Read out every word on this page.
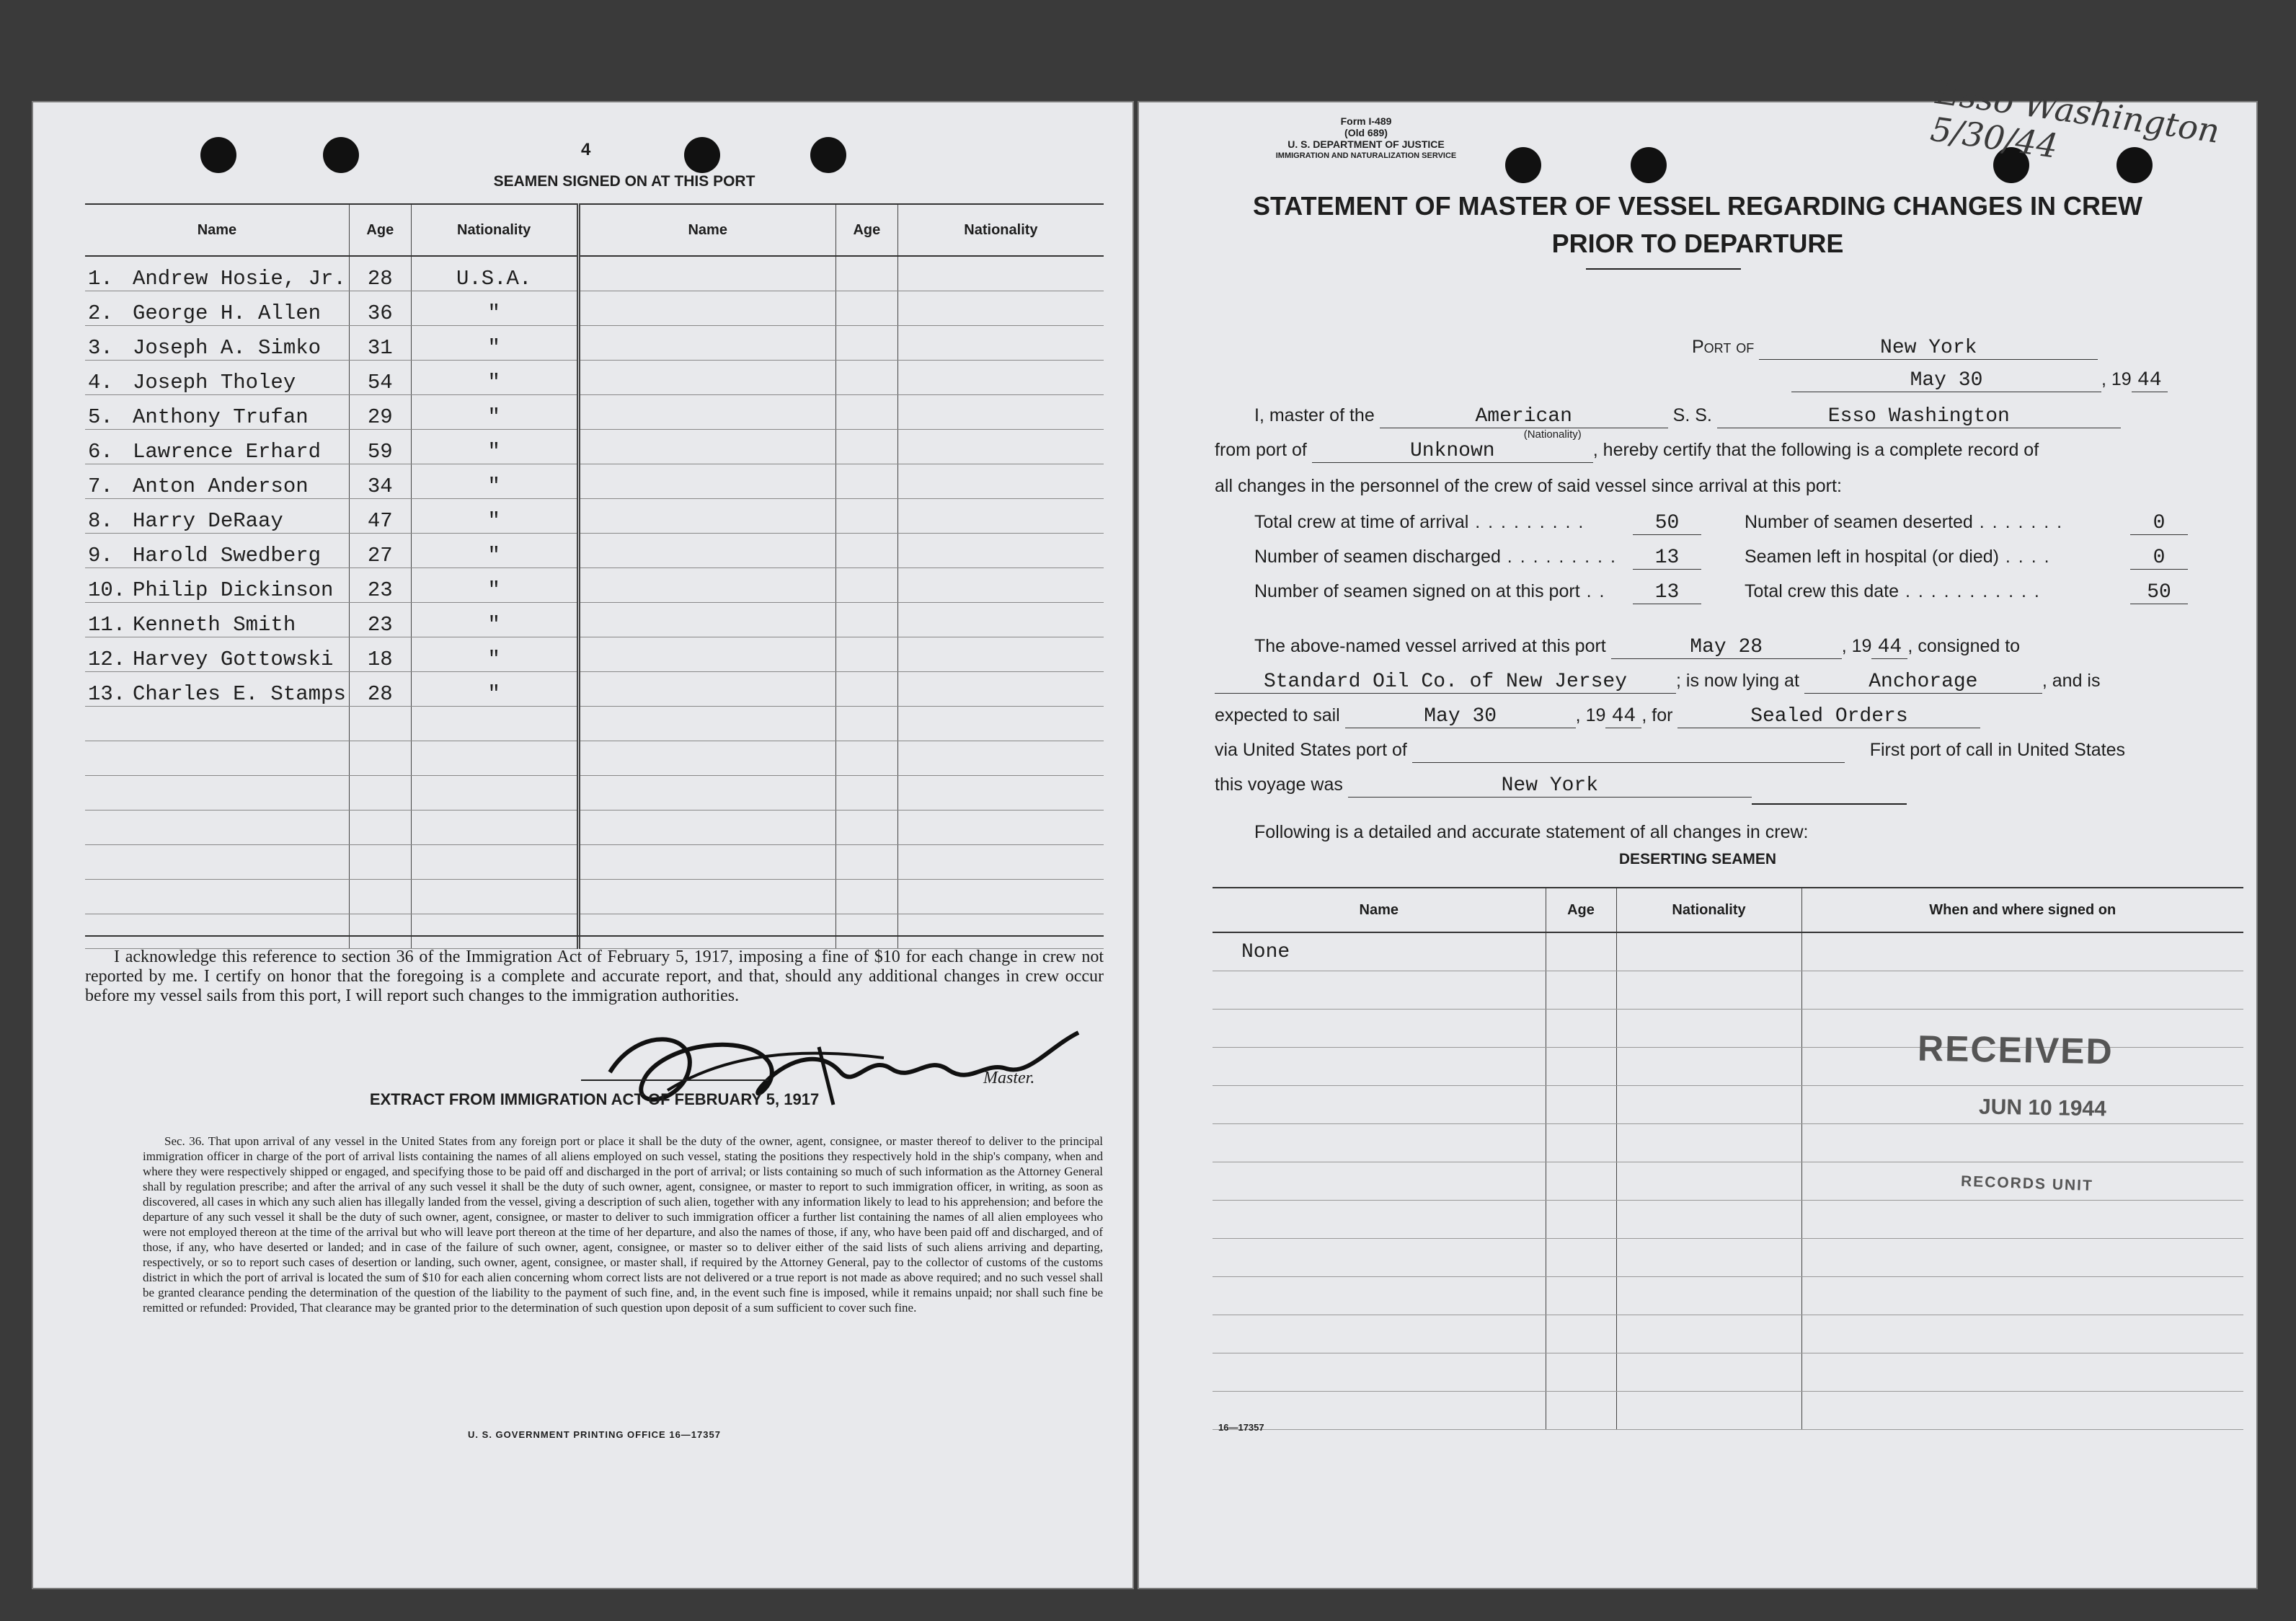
4
SEAMEN SIGNED ON AT THIS PORT
Name	Age	Nationality	Name	Age	Nationality
1. Andrew Hosie, Jr.	28	U.S.A.			
2. George H. Allen	36	"			
3. Joseph A. Simko	31	"			
4. Joseph Tholey	54	"			
5. Anthony Trufan	29	"			
6. Lawrence Erhard	59	"			
7. Anton Anderson	34	"			
8. Harry DeRaay	47	"			
9. Harold Swedberg	27	"			
10. Philip Dickinson	23	"			
11. Kenneth Smith	23	"			
12. Harvey Gottowski	18	"			
13. Charles E. Stamps	28	"			

I acknowledge this reference to section 36 of the Immigration Act of February 5, 1917, imposing a fine of $10 for each change in crew not reported by me. I certify on honor that the foregoing is a complete and accurate report, and that, should any additional changes in crew occur before my vessel sails from this port, I will report such changes to the immigration authorities.
Master.
EXTRACT FROM IMMIGRATION ACT OF FEBRUARY 5, 1917
Sec. 36. That upon arrival of any vessel in the United States from any foreign port or place it shall be the duty of the owner, agent, consignee, or master thereof to deliver to the principal immigration officer in charge of the port of arrival lists containing the names of all aliens employed on such vessel, stating the positions they respectively hold in the ship's company, when and where they were respectively shipped or engaged, and specifying those to be paid off and discharged in the port of arrival; or lists containing so much of such information as the Attorney General shall by regulation prescribe; and after the arrival of any such vessel it shall be the duty of such owner, agent, consignee, or master to report to such immigration officer, in writing, as soon as discovered, all cases in which any such alien has illegally landed from the vessel, giving a description of such alien, together with any information likely to lead to his apprehension; and before the departure of any such vessel it shall be the duty of such owner, agent, consignee, or master to deliver to such immigration officer a further list containing the names of all alien employees who were not employed thereon at the time of the arrival but who will leave port thereon at the time of her departure, and also the names of those, if any, who have been paid off and discharged, and of those, if any, who have deserted or landed; and in case of the failure of such owner, agent, consignee, or master so to deliver either of the said lists of such aliens arriving and departing, respectively, or so to report such cases of desertion or landing, such owner, agent, consignee, or master shall, if required by the Attorney General, pay to the collector of customs of the customs district in which the port of arrival is located the sum of $10 for each alien concerning whom correct lists are not delivered or a true report is not made as above required; and no such vessel shall be granted clearance pending the determination of the question of the liability to the payment of such fine, and, in the event such fine is imposed, while it remains unpaid; nor shall such fine be remitted or refunded: Provided, That clearance may be granted prior to the determination of such question upon deposit of a sum sufficient to cover such fine.
U. S. GOVERNMENT PRINTING OFFICE 16—17357
Form I-489
(Old 689)
U. S. DEPARTMENT OF JUSTICE
IMMIGRATION AND NATURALIZATION SERVICE
Esso Washington 5/30/44
STATEMENT OF MASTER OF VESSEL REGARDING CHANGES IN CREW
PRIOR TO DEPARTURE
Port of	New York
May 30	, 19 44
I, master of the	American
(Nationality)
S. S.	Esso Washington
from port of	Unknown	, hereby certify that the following is a complete record of
all changes in the personnel of the crew of said vessel since arrival at this port:
Total crew at time of arrival . . . . . . . . .	50
Number of seamen discharged . . . . . . . . .	13
Number of seamen signed on at this port . .	13
Number of seamen deserted . . . . . . .	0
Seamen left in hospital (or died) . . . .	0
Total crew this date . . . . . . . . . . .	50
The above-named vessel arrived at this port	May 28	, 19 44 , consigned to
Standard Oil Co. of New Jersey	; is now lying at	Anchorage	, and is
expected to sail	May 30	, 19 44 , for	Sealed Orders
via United States port of	First port of call in United States
this voyage was	New York
Following is a detailed and accurate statement of all changes in crew:
DESERTING SEAMEN
Name	Age	Nationality	When and where signed on
None			

RECEIVED
JUN 10 1944
RECORDS UNIT
16—17357
